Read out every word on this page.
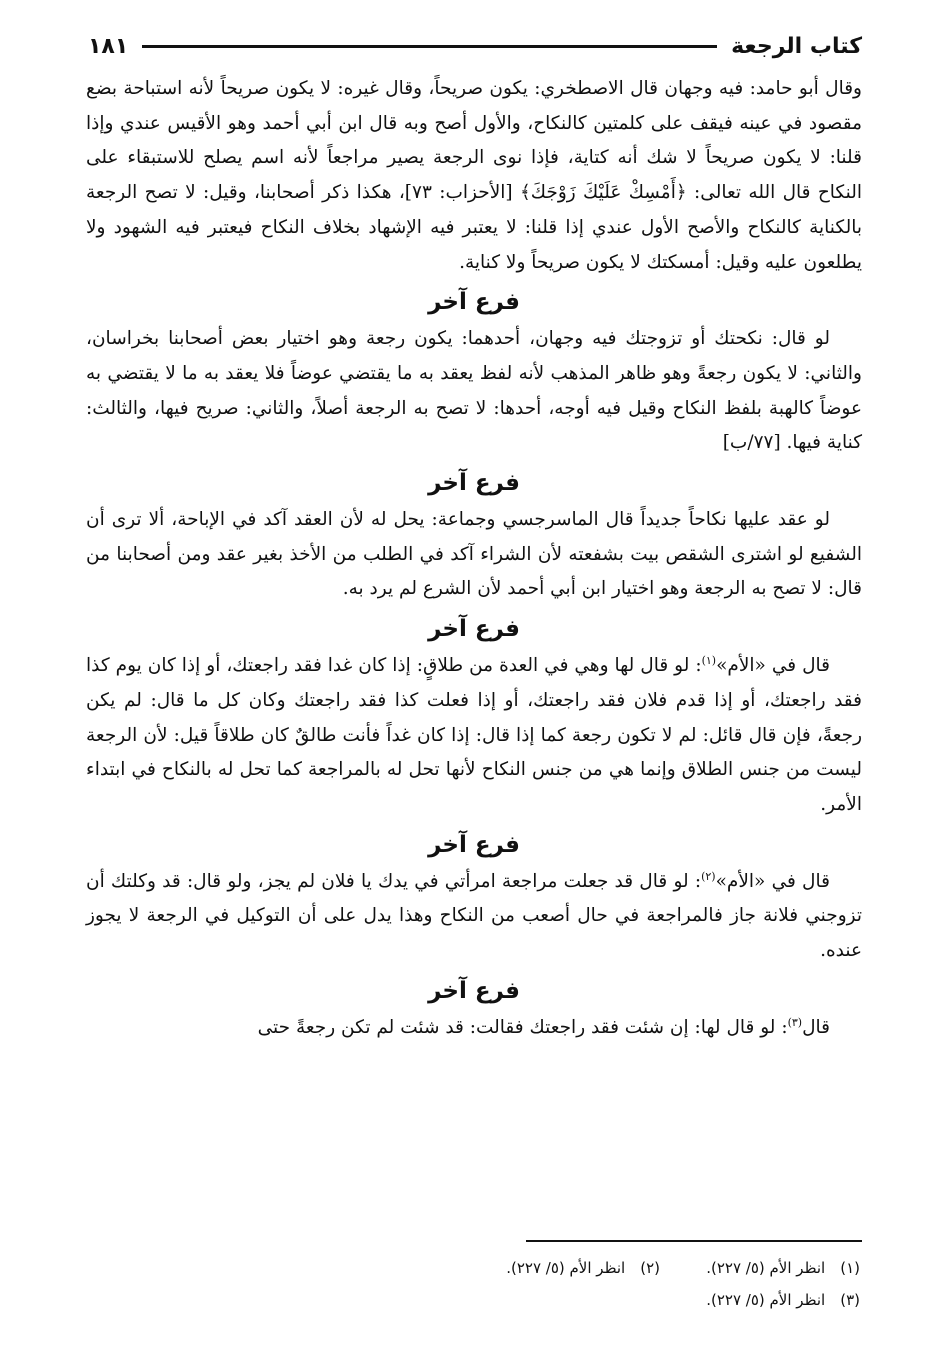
كتاب الرجعة
١٨١

وقال أبو حامد: فيه وجهان قال الاصطخري: يكون صريحاً، وقال غيره: لا يكون صريحاً لأنه استباحة بضع مقصود في عينه فيقف على كلمتين كالنكاح، والأول أصح وبه قال ابن أبي أحمد وهو الأقيس عندي وإذا قلنا: لا يكون صريحاً لا شك أنه كتاية، فإذا نوى الرجعة يصير مراجعاً لأنه اسم يصلح للاستبقاء على النكاح قال الله تعالى: ﴿أَمْسِكْ عَلَيْكَ زَوْجَكَ﴾ [الأحزاب: ٧٣]، هكذا ذكر أصحابنا، وقيل: لا تصح الرجعة بالكناية كالنكاح والأصح الأول عندي إذا قلنا: لا يعتبر فيه الإشهاد بخلاف النكاح فيعتبر فيه الشهود ولا يطلعون عليه وقيل: أمسكتك لا يكون صريحاً ولا كناية.

فرع آخر

لو قال: نكحتك أو تزوجتك فيه وجهان، أحدهما: يكون رجعة وهو اختيار بعض أصحابنا بخراسان، والثاني: لا يكون رجعةً وهو ظاهر المذهب لأنه لفظ يعقد به ما يقتضي عوضاً فلا يعقد به ما لا يقتضي به عوضاً كالهبة بلفظ النكاح وقيل فيه أوجه، أحدها: لا تصح به الرجعة أصلاً، والثاني: صريح فيها، والثالث: كناية فيها. [٧٧/ب]

فرع آخر

لو عقد عليها نكاحاً جديداً قال الماسرجسي وجماعة: يحل له لأن العقد آكد في الإباحة، ألا ترى أن الشفيع لو اشترى الشقص بيت بشفعته لأن الشراء آكد في الطلب من الأخذ بغير عقد ومن أصحابنا من قال: لا تصح به الرجعة وهو اختيار ابن أبي أحمد لأن الشرع لم يرد به.

فرع آخر

قال في «الأم»$^{(١)}$: لو قال لها وهي في العدة من طلاقٍ: إذا كان غدا فقد راجعتك، أو إذا كان يوم كذا فقد راجعتك، أو إذا قدم فلان فقد راجعتك، أو إذا فعلت كذا فقد راجعتك وكان كل ما قال: لم يكن رجعةً، فإن قال قائل: لم لا تكون رجعة كما إذا قال: إذا كان غداً فأنت طالقٌ كان طلاقاً قيل: لأن الرجعة ليست من جنس الطلاق وإنما هي من جنس النكاح لأنها تحل له بالمراجعة كما تحل له بالنكاح في ابتداء الأمر.

فرع آخر

قال في «الأم»$^{(٢)}$: لو قال قد جعلت مراجعة امرأتي في يدك يا فلان لم يجز، ولو قال: قد وكلتك أن تزوجني فلانة جاز فالمراجعة في حال أصعب من النكاح وهذا يدل على أن التوكيل في الرجعة لا يجوز عنده.

فرع آخر

قال$^{(٣)}$: لو قال لها: إن شئت فقد راجعتك فقالت: قد شئت لم تكن رجعةً حتى

(١) انظر الأم (٥/ ٢٢٧).
(٢) انظر الأم (٥/ ٢٢٧).
(٣) انظر الأم (٥/ ٢٢٧).
